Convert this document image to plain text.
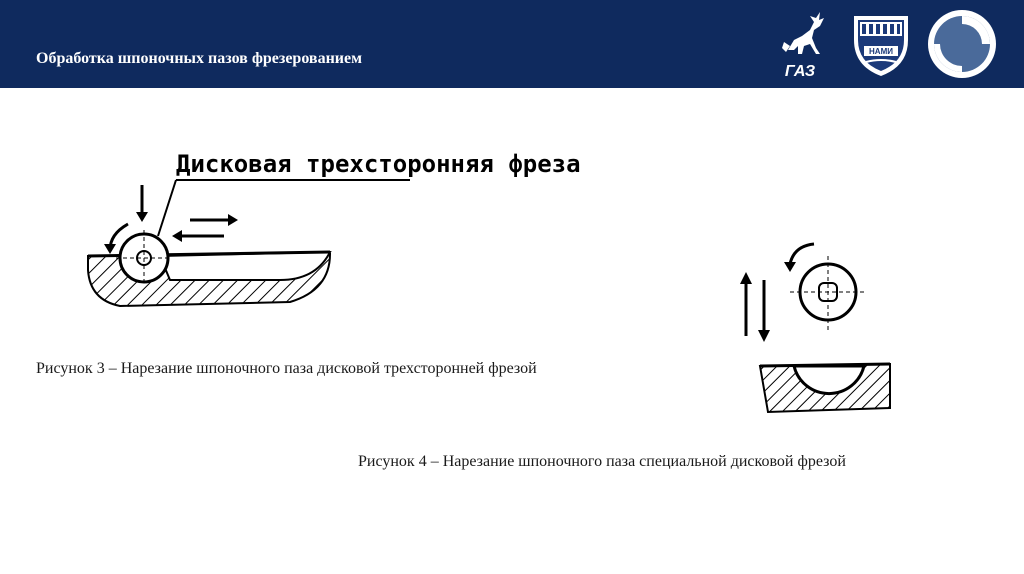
Обработка шпоночных пазов фрезерованием
ГАЗ
НАМИ
Дисковая трехсторонняя фреза
Рисунок 3 – Нарезание шпоночного паза дисковой трехсторонней фрезой
Рисунок 4 – Нарезание шпоночного паза специальной дисковой фрезой
